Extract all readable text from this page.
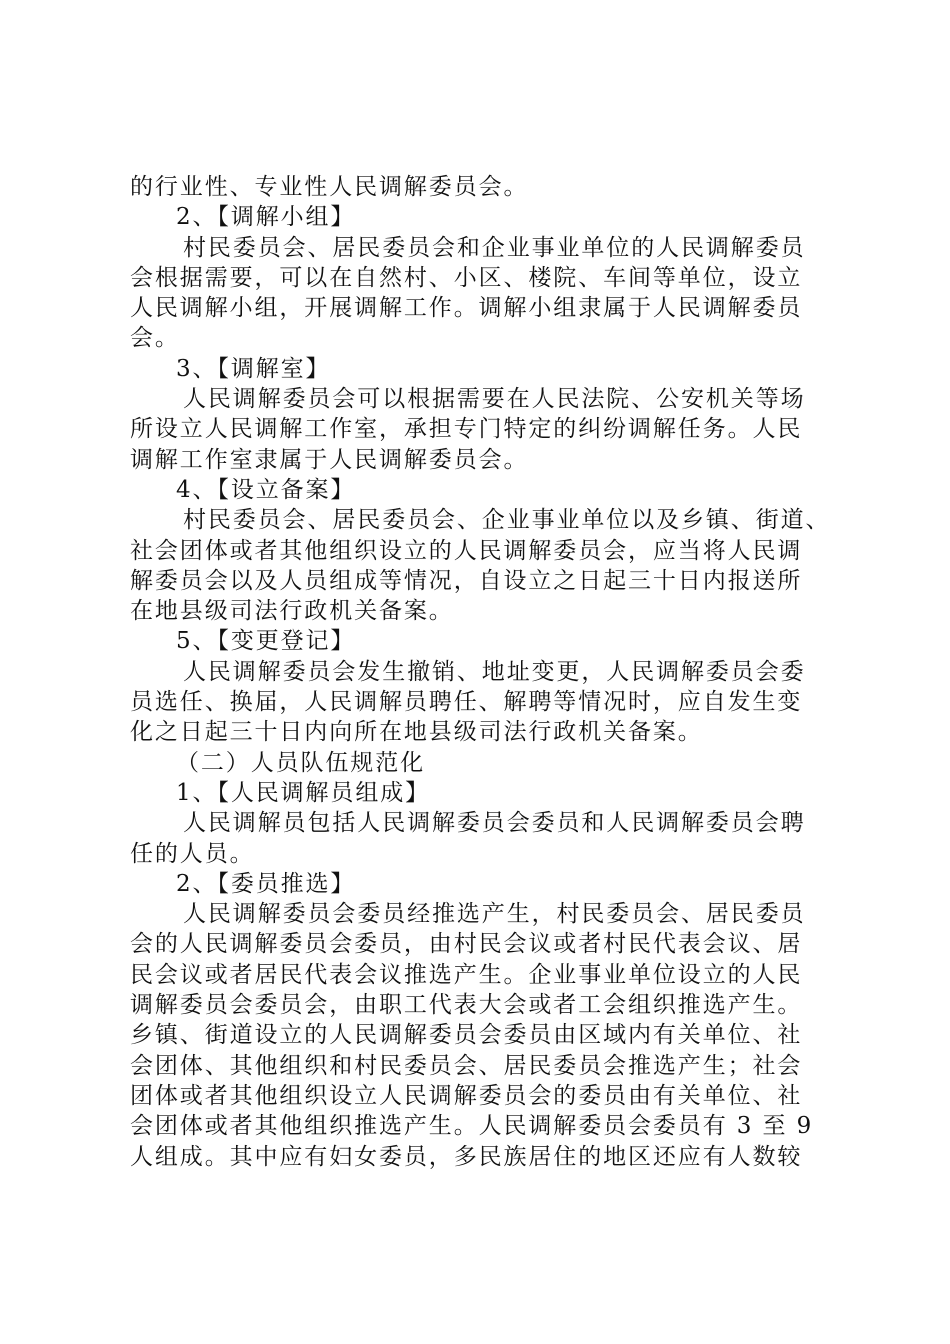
的行业性、专业性人民调解委员会。
2、【调解小组】
村民委员会、居民委员会和企业事业单位的人民调解委员
会根据需要，可以在自然村、小区、楼院、车间等单位，设立
人民调解小组，开展调解工作。调解小组隶属于人民调解委员
会。
3、【调解室】
人民调解委员会可以根据需要在人民法院、公安机关等场
所设立人民调解工作室，承担专门特定的纠纷调解任务。人民
调解工作室隶属于人民调解委员会。
4、【设立备案】
村民委员会、居民委员会、企业事业单位以及乡镇、街道、
社会团体或者其他组织设立的人民调解委员会，应当将人民调
解委员会以及人员组成等情况，自设立之日起三十日内报送所
在地县级司法行政机关备案。
5、【变更登记】
人民调解委员会发生撤销、地址变更，人民调解委员会委
员选任、换届，人民调解员聘任、解聘等情况时，应自发生变
化之日起三十日内向所在地县级司法行政机关备案。
（二）人员队伍规范化
1、【人民调解员组成】
人民调解员包括人民调解委员会委员和人民调解委员会聘
任的人员。
2、【委员推选】
人民调解委员会委员经推选产生，村民委员会、居民委员
会的人民调解委员会委员，由村民会议或者村民代表会议、居
民会议或者居民代表会议推选产生。企业事业单位设立的人民
调解委员会委员会，由职工代表大会或者工会组织推选产生。
乡镇、街道设立的人民调解委员会委员由区域内有关单位、社
会团体、其他组织和村民委员会、居民委员会推选产生；社会
团体或者其他组织设立人民调解委员会的委员由有关单位、社
会团体或者其他组织推选产生。人民调解委员会委员有 3 至 9
人组成。其中应有妇女委员，多民族居住的地区还应有人数较
